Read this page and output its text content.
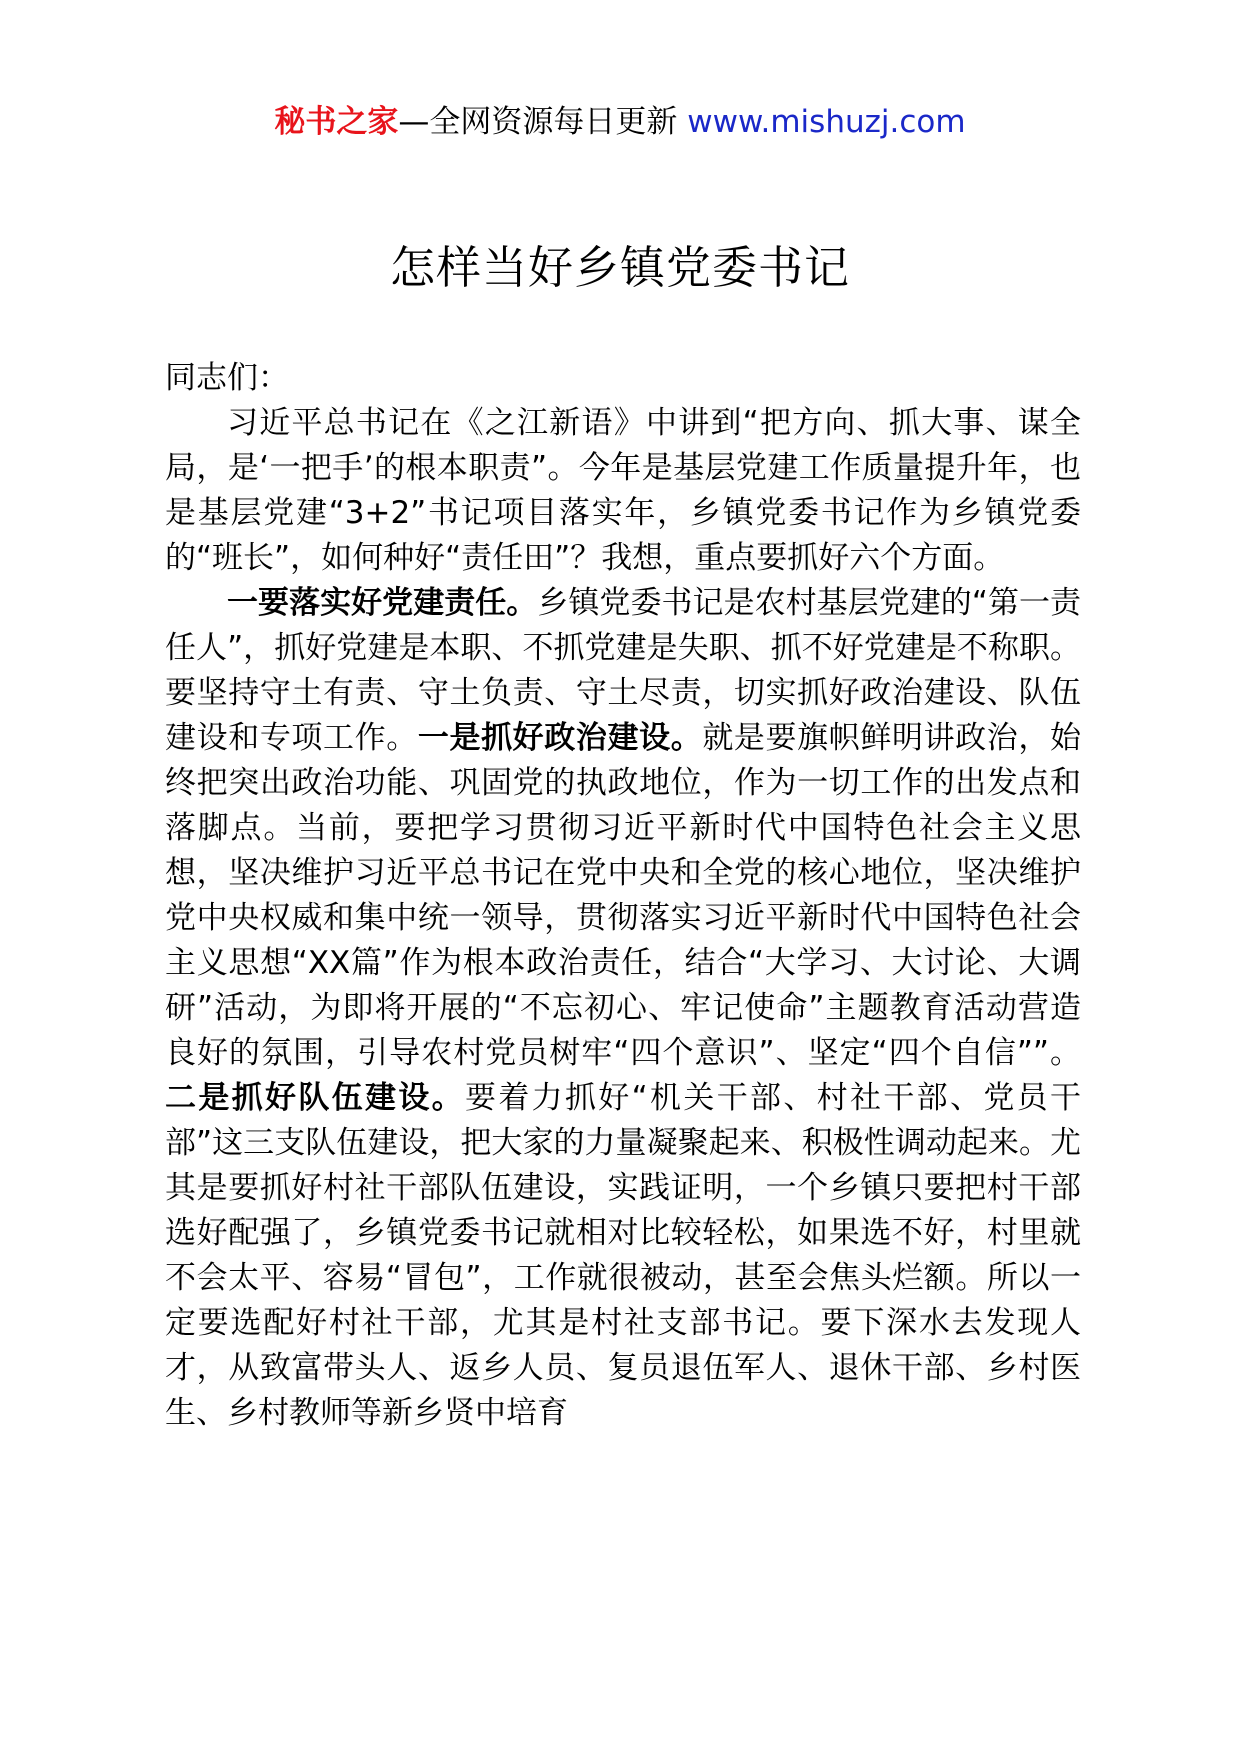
秘书之家—全网资源每日更新 www.mishuzj.com
怎样当好乡镇党委书记

同志们：

习近平总书记在《之江新语》中讲到“把方向、抓大事、谋全局，是‘一把手’的根本职责”。今年是基层党建工作质量提升年，也是基层党建“3+2”书记项目落实年，乡镇党委书记作为乡镇党委的“班长”，如何种好“责任田”？我想，重点要抓好六个方面。

一要落实好党建责任。乡镇党委书记是农村基层党建的“第一责任人”，抓好党建是本职、不抓党建是失职、抓不好党建是不称职。要坚持守土有责、守土负责、守土尽责，切实抓好政治建设、队伍建设和专项工作。一是抓好政治建设。就是要旗帜鲜明讲政治，始终把突出政治功能、巩固党的执政地位，作为一切工作的出发点和落脚点。当前，要把学习贯彻习近平新时代中国特色社会主义思想，坚决维护习近平总书记在党中央和全党的核心地位，坚决维护党中央权威和集中统一领导，贯彻落实习近平新时代中国特色社会主义思想“XX篇”作为根本政治责任，结合“大学习、大讨论、大调研”活动，为即将开展的“不忘初心、牢记使命”主题教育活动营造良好的氛围，引导农村党员树牢“四个意识”、坚定“四个自信””。二是抓好队伍建设。要着力抓好“机关干部、村社干部、党员干部”这三支队伍建设，把大家的力量凝聚起来、积极性调动起来。尤其是要抓好村社干部队伍建设，实践证明，一个乡镇只要把村干部选好配强了，乡镇党委书记就相对比较轻松，如果选不好，村里就不会太平、容易“冒包”，工作就很被动，甚至会焦头烂额。所以一定要选配好村社干部，尤其是村社支部书记。要下深水去发现人才，从致富带头人、返乡人员、复员退伍军人、退休干部、乡村医生、乡村教师等新乡贤中培育
